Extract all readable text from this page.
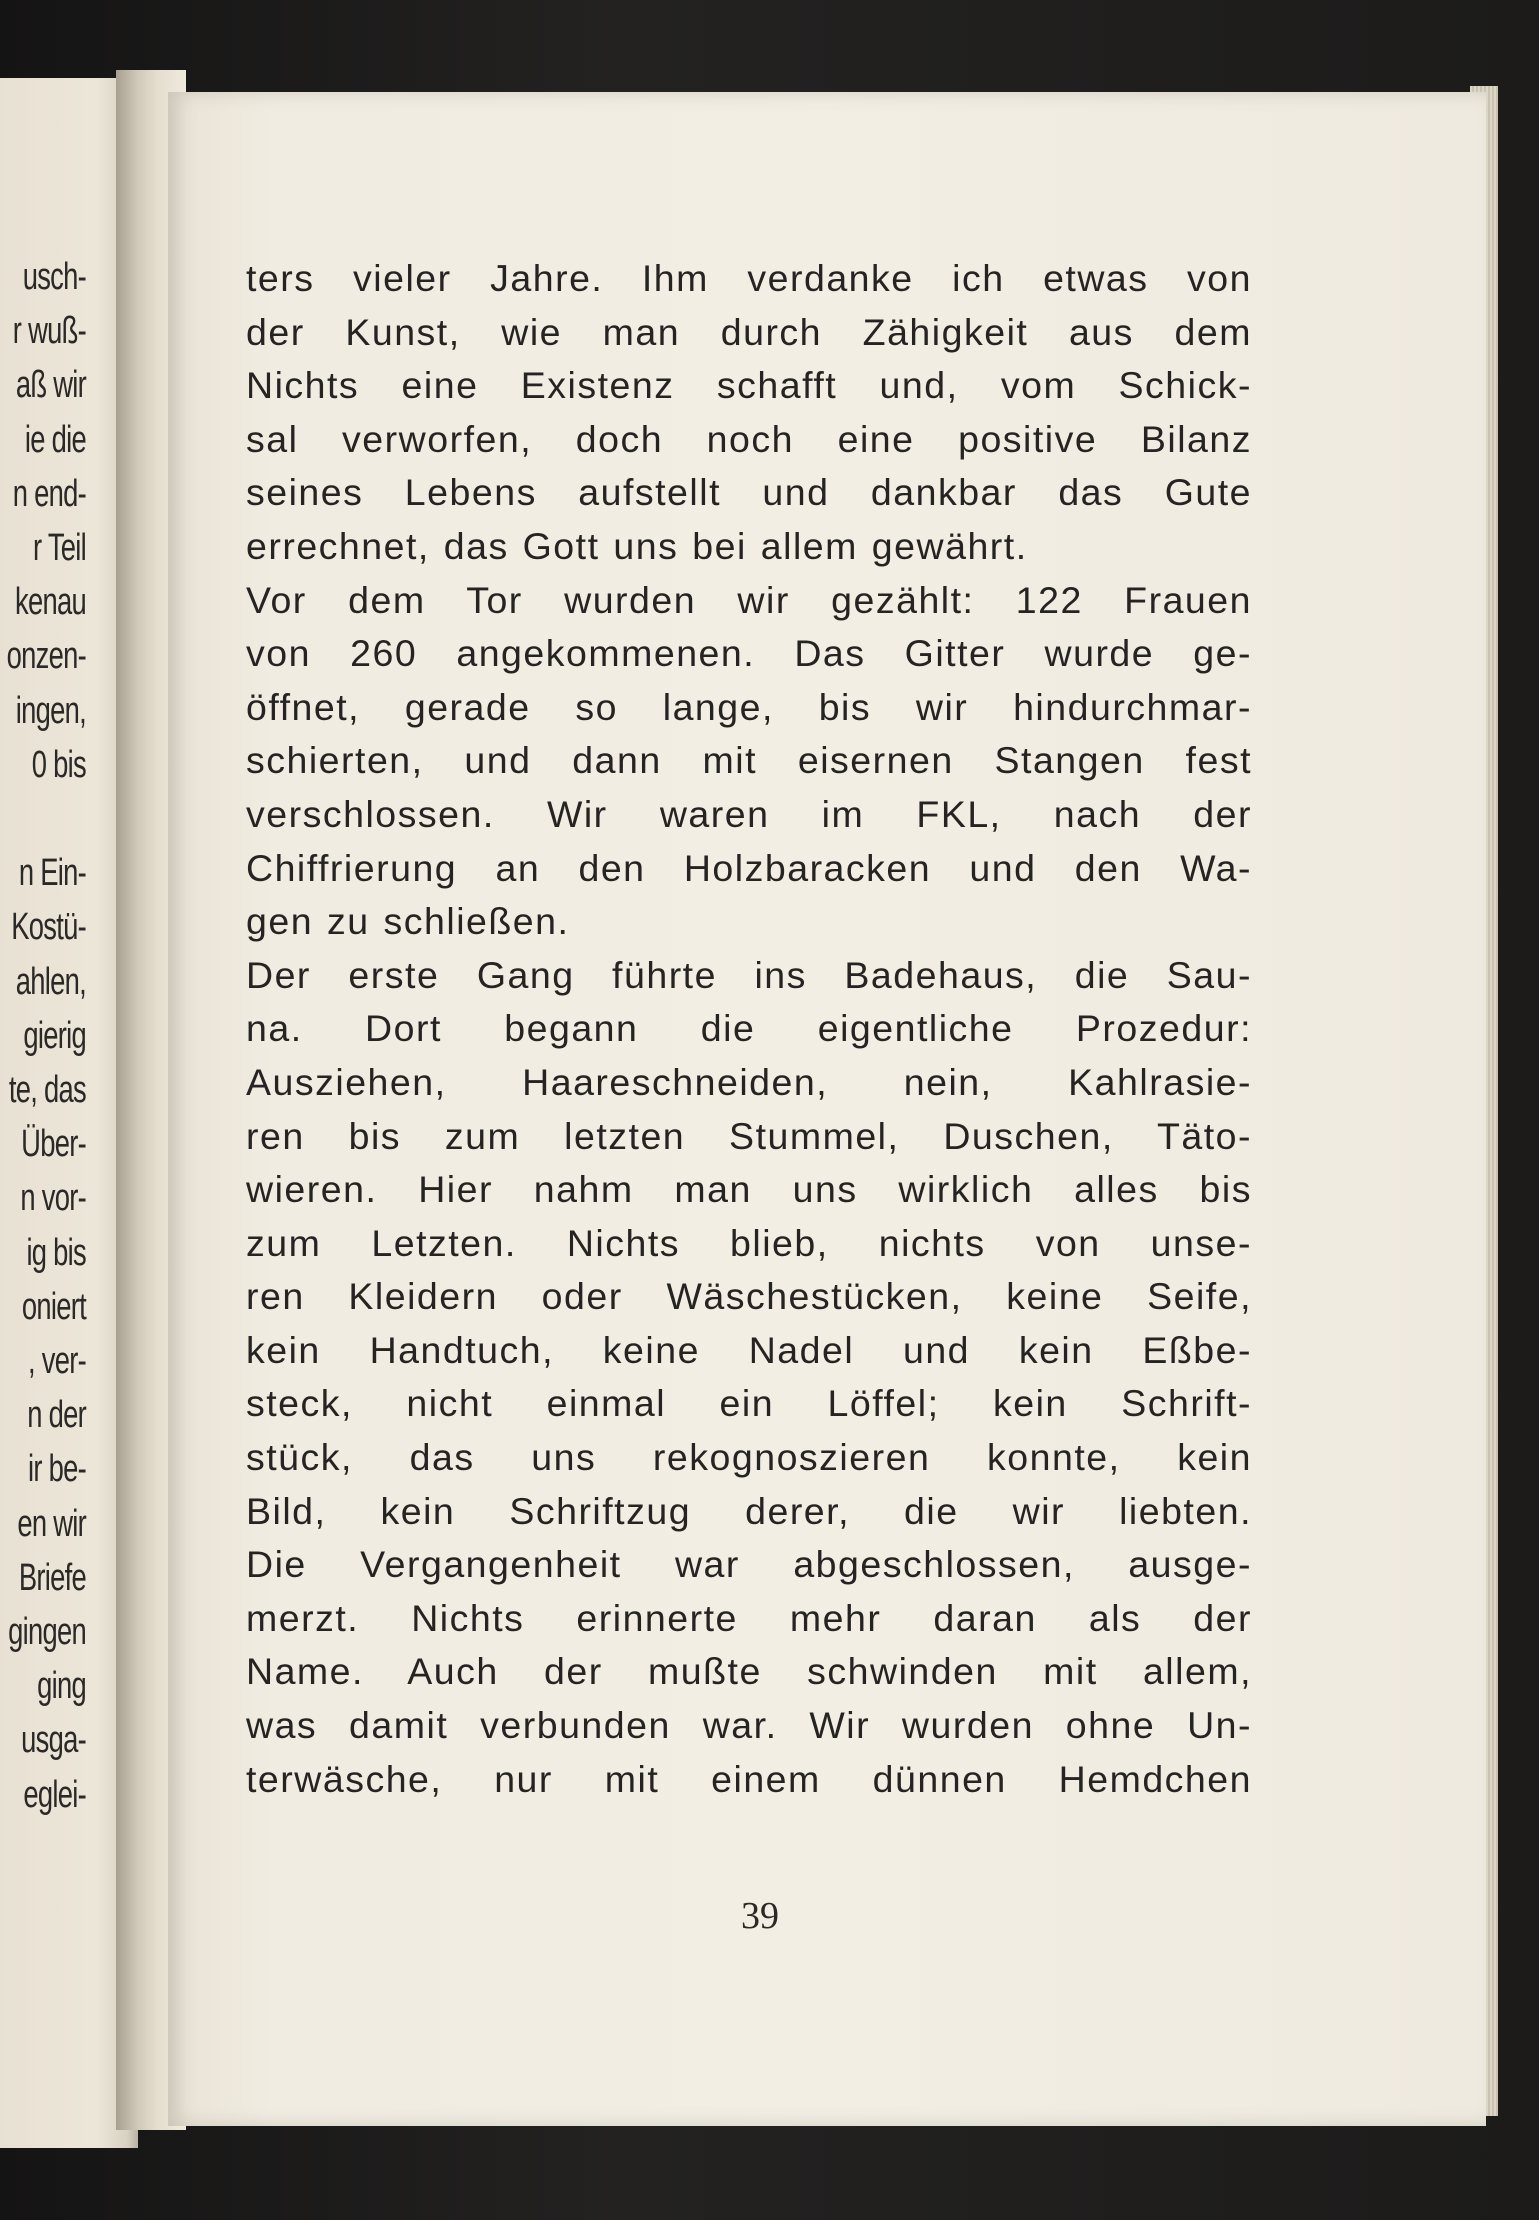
usch-
r wuß-
aß wir
ie die
n end-
r Teil
kenau
onzen-
ingen,
0 bis

n Ein-
Kostü-
ahlen,
gierig
te, das
Über-
n vor-
ig bis
oniert
, ver-
n der
ir be-
en wir
Briefe
gingen
ging
usga-
eglei-
ters vieler Jahre. Ihm verdanke ich etwas von
der Kunst, wie man durch Zähigkeit aus dem
Nichts eine Existenz schafft und, vom Schick-
sal verworfen, doch noch eine positive Bilanz
seines Lebens aufstellt und dankbar das Gute
errechnet, das Gott uns bei allem gewährt.
Vor dem Tor wurden wir gezählt: 122 Frauen
von 260 angekommenen. Das Gitter wurde ge-
öffnet, gerade so lange, bis wir hindurchmar-
schierten, und dann mit eisernen Stangen fest
verschlossen. Wir waren im FKL, nach der
Chiffrierung an den Holzbaracken und den Wa-
gen zu schließen.
Der erste Gang führte ins Badehaus, die Sau-
na. Dort begann die eigentliche Prozedur:
Ausziehen, Haareschneiden, nein, Kahlrasie-
ren bis zum letzten Stummel, Duschen, Täto-
wieren. Hier nahm man uns wirklich alles bis
zum Letzten. Nichts blieb, nichts von unse-
ren Kleidern oder Wäschestücken, keine Seife,
kein Handtuch, keine Nadel und kein Eßbe-
steck, nicht einmal ein Löffel; kein Schrift-
stück, das uns rekognoszieren konnte, kein
Bild, kein Schriftzug derer, die wir liebten.
Die Vergangenheit war abgeschlossen, ausge-
merzt. Nichts erinnerte mehr daran als der
Name. Auch der mußte schwinden mit allem,
was damit verbunden war. Wir wurden ohne Un-
terwäsche, nur mit einem dünnen Hemdchen
39
